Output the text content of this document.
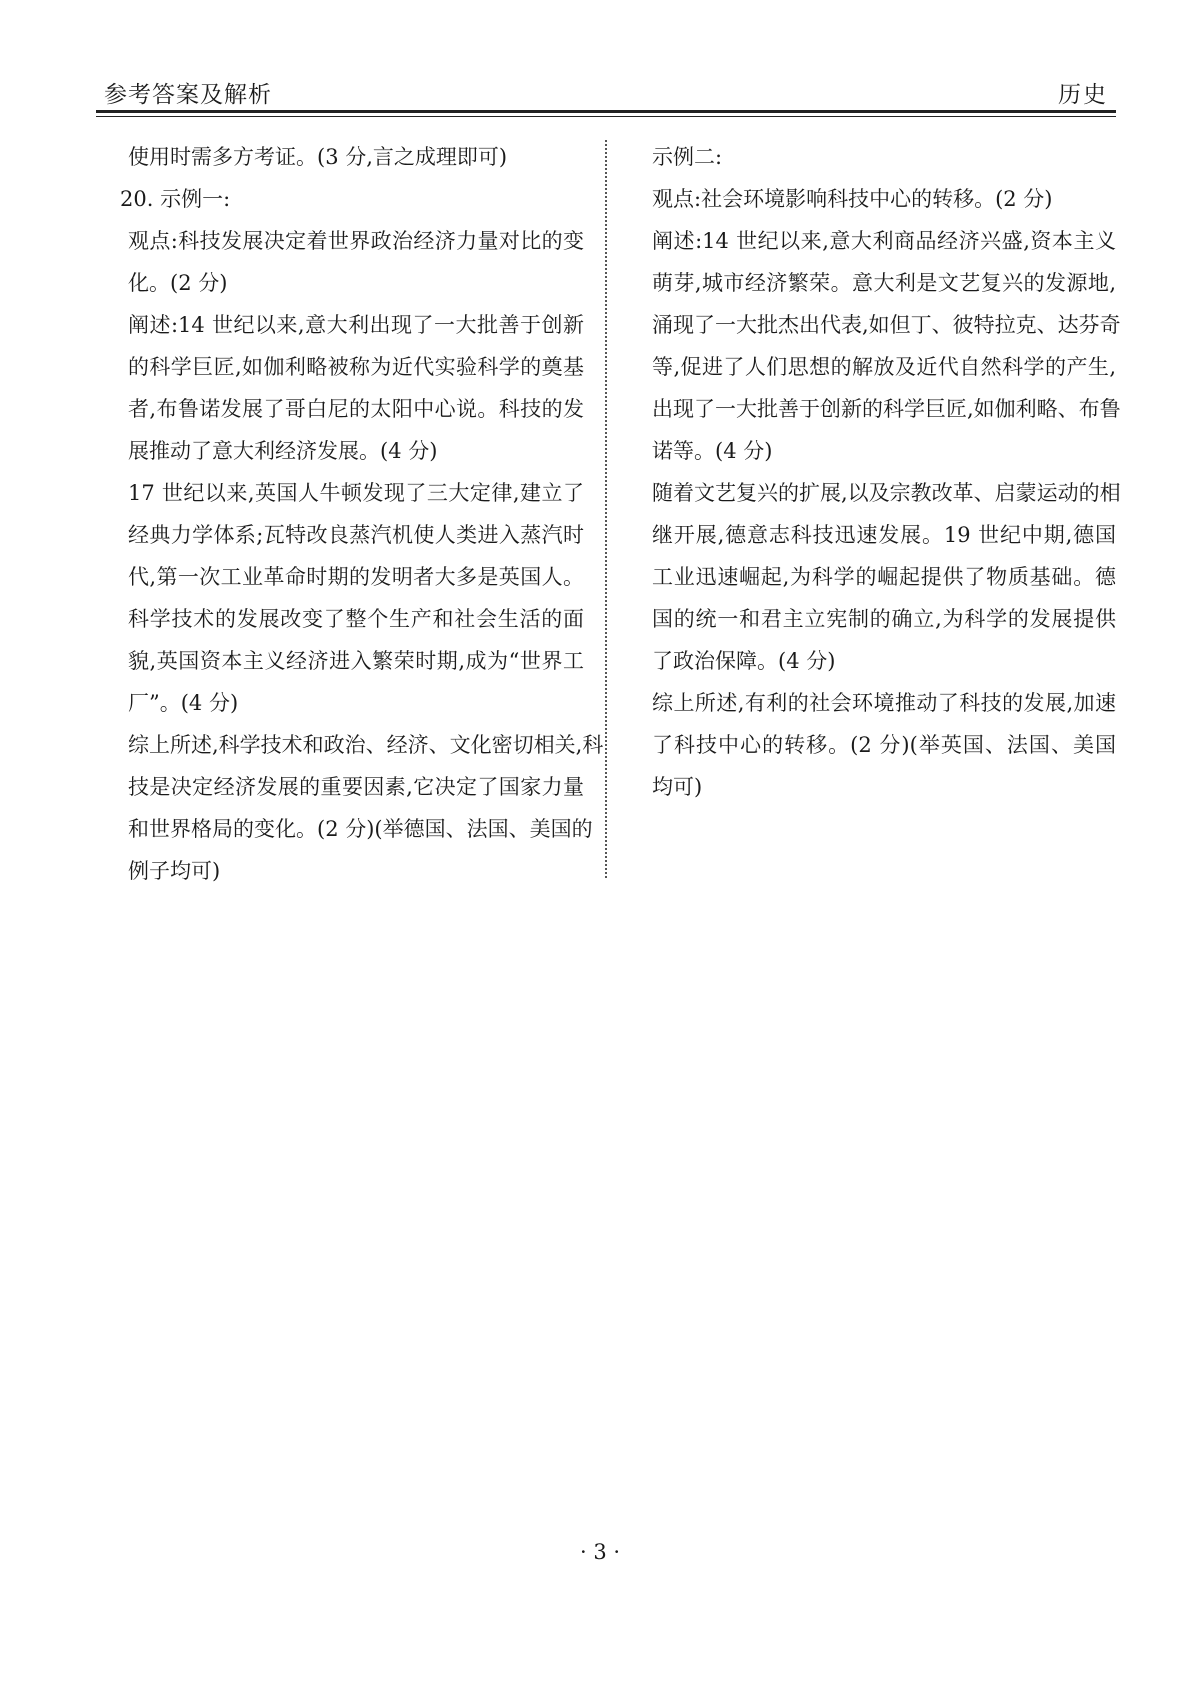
参考答案及解析	历史
使用时需多方考证。(3 分,言之成理即可)
20. 示例一:
观点:科技发展决定着世界政治经济力量对比的变
化。(2 分)
阐述:14 世纪以来,意大利出现了一大批善于创新
的科学巨匠,如伽利略被称为近代实验科学的奠基
者,布鲁诺发展了哥白尼的太阳中心说。科技的发
展推动了意大利经济发展。(4 分)
17 世纪以来,英国人牛顿发现了三大定律,建立了
经典力学体系;瓦特改良蒸汽机使人类进入蒸汽时
代,第一次工业革命时期的发明者大多是英国人。
科学技术的发展改变了整个生产和社会生活的面
貌,英国资本主义经济进入繁荣时期,成为“世界工
厂”。(4 分)
综上所述,科学技术和政治、经济、文化密切相关,科
技是决定经济发展的重要因素,它决定了国家力量
和世界格局的变化。(2 分)(举德国、法国、美国的
例子均可)
示例二:
观点:社会环境影响科技中心的转移。(2 分)
阐述:14 世纪以来,意大利商品经济兴盛,资本主义
萌芽,城市经济繁荣。意大利是文艺复兴的发源地,
涌现了一大批杰出代表,如但丁、彼特拉克、达芬奇
等,促进了人们思想的解放及近代自然科学的产生,
出现了一大批善于创新的科学巨匠,如伽利略、布鲁
诺等。(4 分)
随着文艺复兴的扩展,以及宗教改革、启蒙运动的相
继开展,德意志科技迅速发展。19 世纪中期,德国
工业迅速崛起,为科学的崛起提供了物质基础。德
国的统一和君主立宪制的确立,为科学的发展提供
了政治保障。(4 分)
综上所述,有利的社会环境推动了科技的发展,加速
了科技中心的转移。(2 分)(举英国、法国、美国
均可)
· 3 ·
